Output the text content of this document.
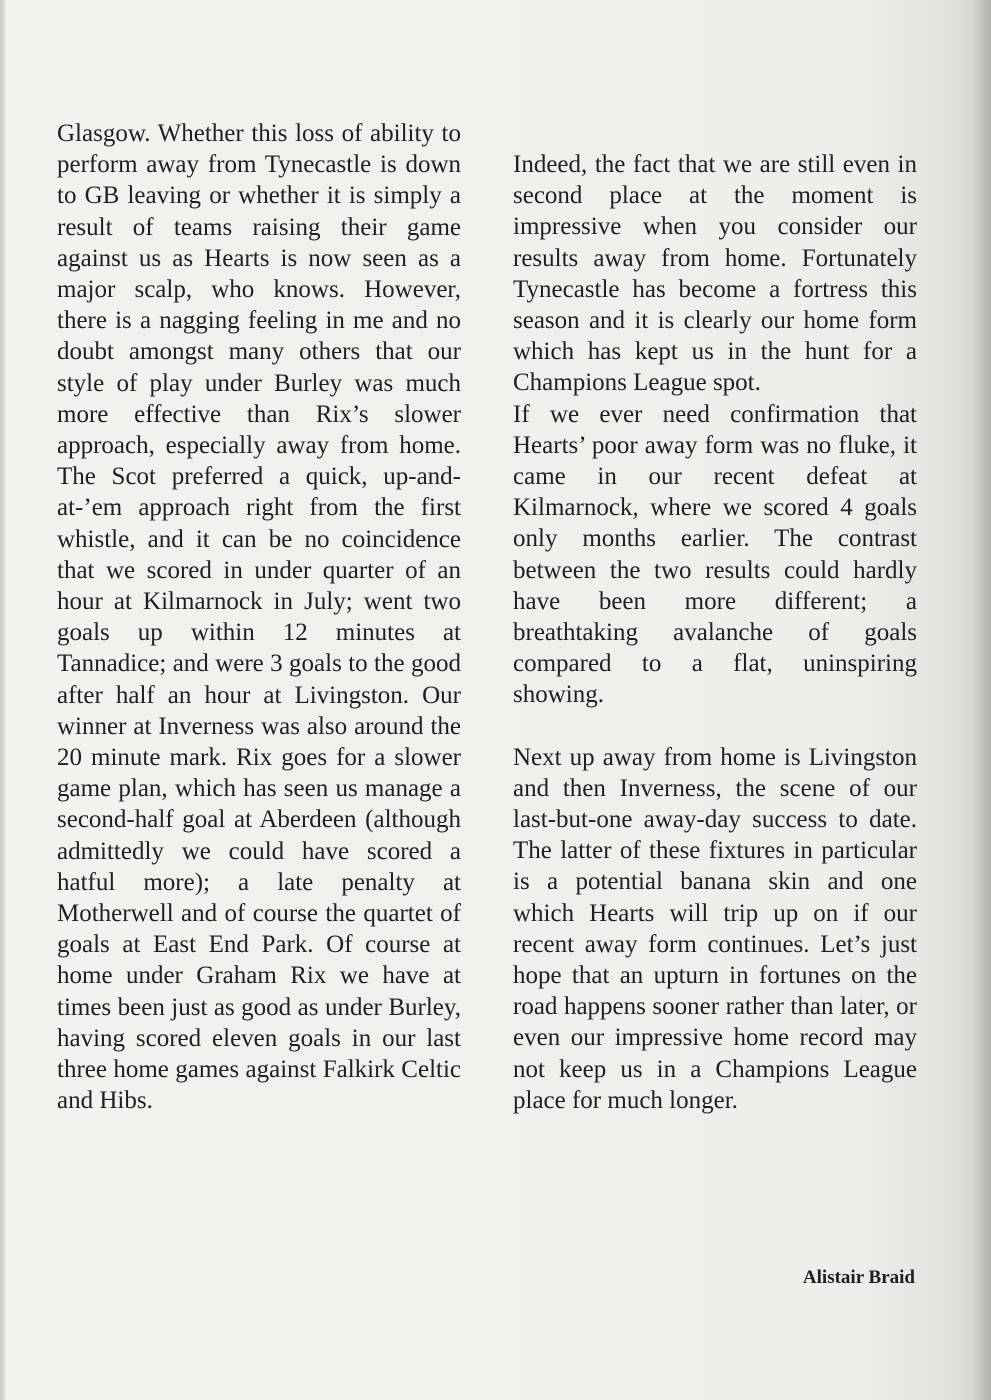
Glasgow. Whether this loss of ability to perform away from Tynecastle is down to GB leaving or whether it is simply a result of teams raising their game against us as Hearts is now seen as a major scalp, who knows. However, there is a nagging feeling in me and no doubt amongst many others that our style of play under Burley was much more effective than Rix’s slower approach, especially away from home. The Scot preferred a quick, up-and-at-’em approach right from the first whistle, and it can be no coincidence that we scored in under quarter of an hour at Kilmarnock in July; went two goals up within 12 minutes at Tannadice; and were 3 goals to the good after half an hour at Livingston. Our winner at Inverness was also around the 20 minute mark. Rix goes for a slower game plan, which has seen us manage a second-half goal at Aberdeen (although admittedly we could have scored a hatful more); a late penalty at Motherwell and of course the quartet of goals at East End Park. Of course at home under Graham Rix we have at times been just as good as under Burley, having scored eleven goals in our last three home games against Falkirk Celtic and Hibs.

Indeed, the fact that we are still even in second place at the moment is impressive when you consider our results away from home. Fortunately Tynecastle has become a fortress this season and it is clearly our home form which has kept us in the hunt for a Champions League spot.

If we ever need confirmation that Hearts’ poor away form was no fluke, it came in our recent defeat at Kilmarnock, where we scored 4 goals only months earlier. The contrast between the two results could hardly have been more different; a breathtaking avalanche of goals compared to a flat, uninspiring showing.

Next up away from home is Livingston and then Inverness, the scene of our last-but-one away-day success to date. The latter of these fixtures in particular is a potential banana skin and one which Hearts will trip up on if our recent away form continues. Let’s just hope that an upturn in fortunes on the road happens sooner rather than later, or even our impressive home record may not keep us in a Champions League place for much longer.

Alistair Braid
